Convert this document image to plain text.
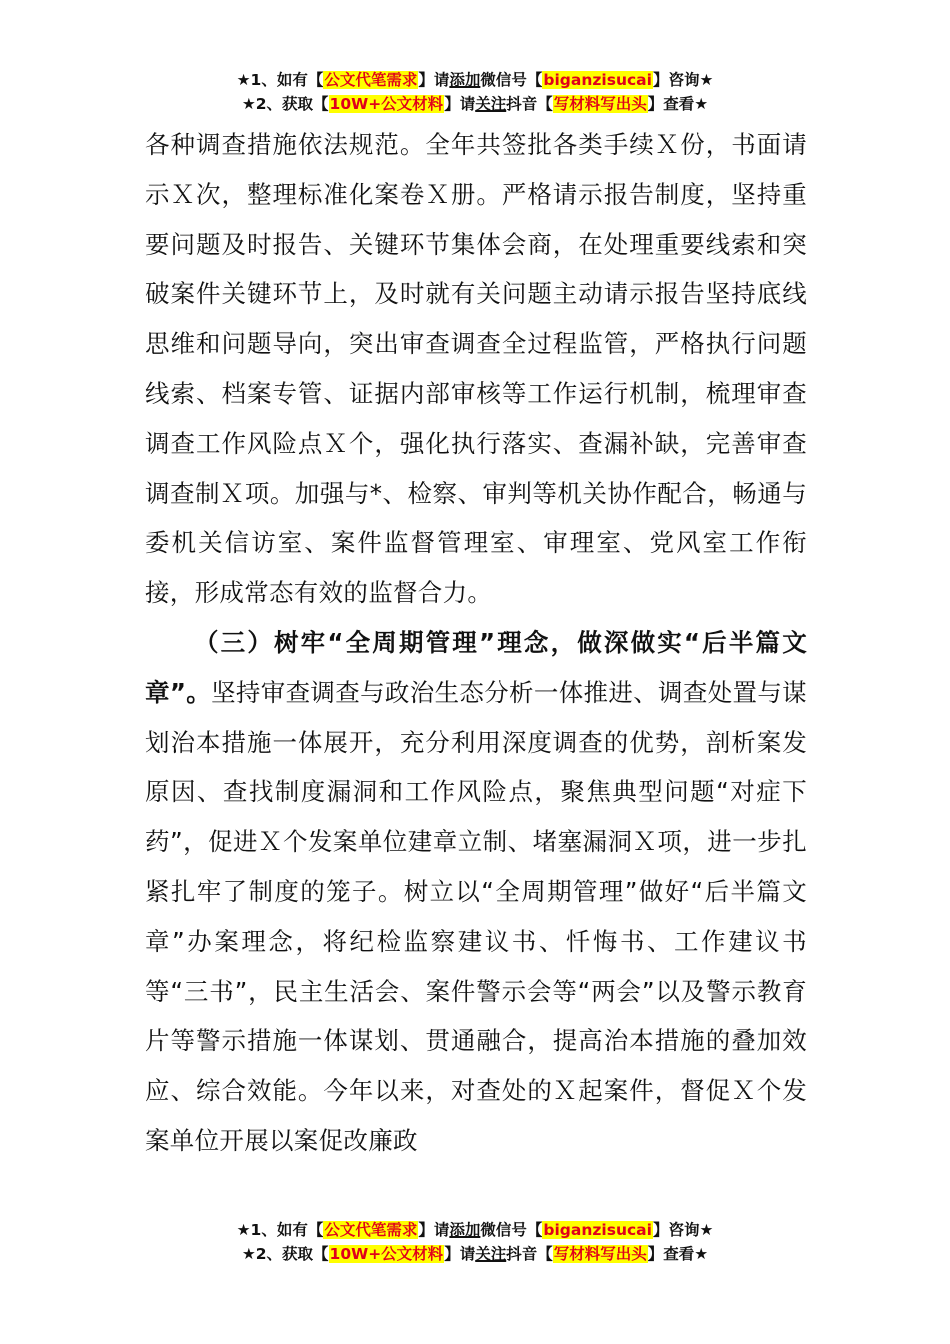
★1、如有【公文代笔需求】请添加微信号【biganzisucai】咨询★
★2、获取【10W+公文材料】请关注抖音【写材料写出头】查看★

各种调查措施依法规范。全年共签批各类手续Ｘ份，书面请示Ｘ次，整理标准化案卷Ｘ册。严格请示报告制度，坚持重要问题及时报告、关键环节集体会商，在处理重要线索和突破案件关键环节上，及时就有关问题主动请示报告坚持底线思维和问题导向，突出审查调查全过程监管，严格执行问题线索、档案专管、证据内部审核等工作运行机制，梳理审查调查工作风险点Ｘ个，强化执行落实、查漏补缺，完善审查调查制Ｘ项。加强与*、检察、审判等机关协作配合，畅通与委机关信访室、案件监督管理室、审理室、党风室工作衔接，形成常态有效的监督合力。

（三）树牢“全周期管理”理念，做深做实“后半篇文章”。坚持审查调查与政治生态分析一体推进、调查处置与谋划治本措施一体展开，充分利用深度调查的优势，剖析案发原因、查找制度漏洞和工作风险点，聚焦典型问题“对症下药”，促进Ｘ个发案单位建章立制、堵塞漏洞Ｘ项，进一步扎紧扎牢了制度的笼子。树立以“全周期管理”做好“后半篇文章”办案理念，将纪检监察建议书、忏悔书、工作建议书等“三书”，民主生活会、案件警示会等“两会”以及警示教育片等警示措施一体谋划、贯通融合，提高治本措施的叠加效应、综合效能。今年以来，对查处的Ｘ起案件，督促Ｘ个发案单位开展以案促改廉政

★1、如有【公文代笔需求】请添加微信号【biganzisucai】咨询★
★2、获取【10W+公文材料】请关注抖音【写材料写出头】查看★
